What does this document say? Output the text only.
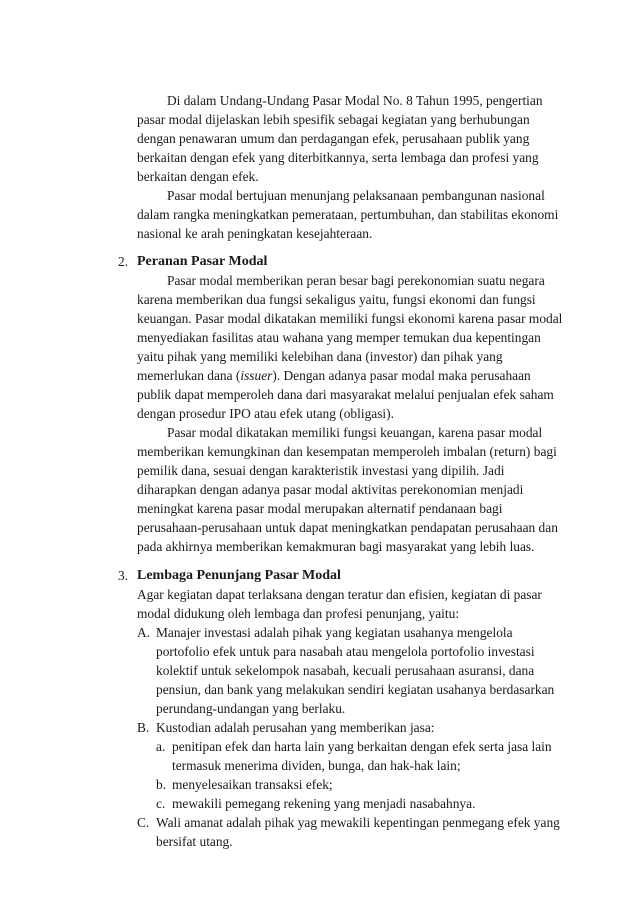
Di dalam Undang-Undang Pasar Modal No. 8 Tahun 1995, pengertian
pasar modal dijelaskan lebih spesifik sebagai kegiatan yang berhubungan
dengan penawaran umum dan perdagangan efek, perusahaan publik yang
berkaitan dengan efek yang diterbitkannya, serta lembaga dan profesi yang
berkaitan dengan efek.
Pasar modal bertujuan menunjang pelaksanaan pembangunan nasional
dalam rangka meningkatkan pemerataan, pertumbuhan, dan stabilitas ekonomi
nasional ke arah peningkatan kesejahteraan.
2. Peranan Pasar Modal
Pasar modal memberikan peran besar bagi perekonomian suatu negara
karena memberikan dua fungsi sekaligus yaitu, fungsi ekonomi dan fungsi
keuangan. Pasar modal dikatakan memiliki fungsi ekonomi karena pasar modal
menyediakan fasilitas atau wahana yang memper temukan dua kepentingan
yaitu pihak yang memiliki kelebihan dana (investor) dan pihak yang
memerlukan dana (issuer). Dengan adanya pasar modal maka perusahaan
publik dapat memperoleh dana dari masyarakat melalui penjualan efek saham
dengan prosedur IPO atau efek utang (obligasi).
Pasar modal dikatakan memiliki fungsi keuangan, karena pasar modal
memberikan kemungkinan dan kesempatan memperoleh imbalan (return) bagi
pemilik dana, sesuai dengan karakteristik investasi yang dipilih. Jadi
diharapkan dengan adanya pasar modal aktivitas perekonomian menjadi
meningkat karena pasar modal merupakan alternatif pendanaan bagi
perusahaan-perusahaan untuk dapat meningkatkan pendapatan perusahaan dan
pada akhirnya memberikan kemakmuran bagi masyarakat yang lebih luas.
3. Lembaga Penunjang Pasar Modal
Agar kegiatan dapat terlaksana dengan teratur dan efisien, kegiatan di pasar
modal didukung oleh lembaga dan profesi penunjang, yaitu:
A. Manajer investasi adalah pihak yang kegiatan usahanya mengelola
portofolio efek untuk para nasabah atau mengelola portofolio investasi
kolektif untuk sekelompok nasabah, kecuali perusahaan asuransi, dana
pensiun, dan bank yang melakukan sendiri kegiatan usahanya berdasarkan
perundang-undangan yang berlaku.
B. Kustodian adalah perusahan yang memberikan jasa:
a. penitipan efek dan harta lain yang berkaitan dengan efek serta jasa lain
termasuk menerima dividen, bunga, dan hak-hak lain;
b. menyelesaikan transaksi efek;
c. mewakili pemegang rekening yang menjadi nasabahnya.
C. Wali amanat adalah pihak yag mewakili kepentingan penmegang efek yang
bersifat utang.
